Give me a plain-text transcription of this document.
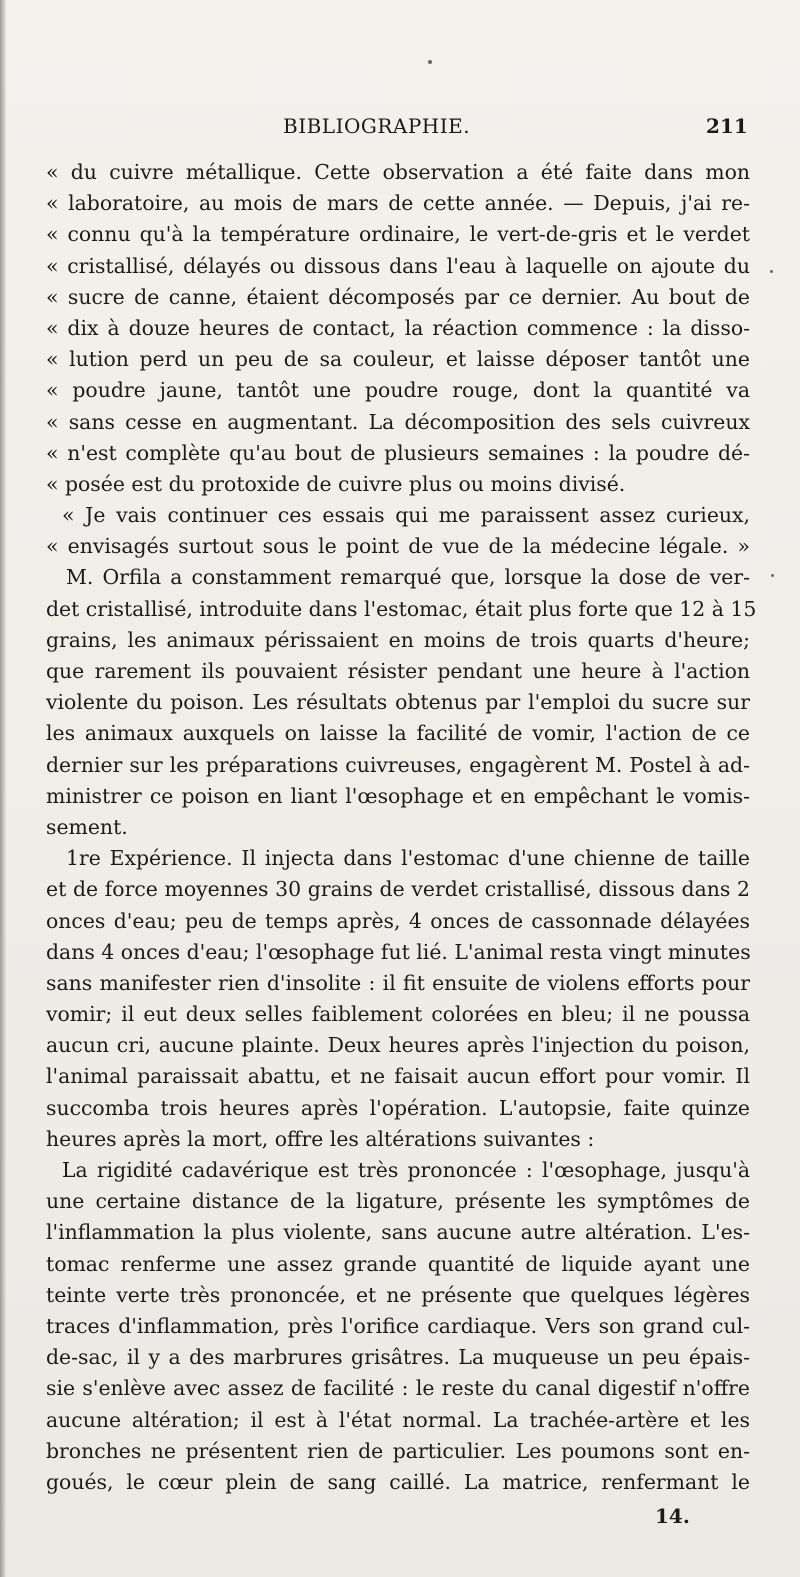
BIBLIOGRAPHIE.	211
« du cuivre métallique. Cette observation a été faite dans mon
« laboratoire, au mois de mars de cette année. — Depuis, j'ai re-
« connu qu'à la température ordinaire, le vert-de-gris et le verdet
« cristallisé, délayés ou dissous dans l'eau à laquelle on ajoute du
« sucre de canne, étaient décomposés par ce dernier. Au bout de
« dix à douze heures de contact, la réaction commence : la disso-
« lution perd un peu de sa couleur, et laisse déposer tantôt une
« poudre jaune, tantôt une poudre rouge, dont la quantité va
« sans cesse en augmentant. La décomposition des sels cuivreux
« n'est complète qu'au bout de plusieurs semaines : la poudre dé-
« posée est du protoxide de cuivre plus ou moins divisé.
« Je vais continuer ces essais qui me paraissent assez curieux,
« envisagés surtout sous le point de vue de la médecine légale. »
M. Orfila a constamment remarqué que, lorsque la dose de ver-
det cristallisé, introduite dans l'estomac, était plus forte que 12 à 15
grains, les animaux périssaient en moins de trois quarts d'heure;
que rarement ils pouvaient résister pendant une heure à l'action
violente du poison. Les résultats obtenus par l'emploi du sucre sur
les animaux auxquels on laisse la facilité de vomir, l'action de ce
dernier sur les préparations cuivreuses, engagèrent M. Postel à ad-
ministrer ce poison en liant l'œsophage et en empêchant le vomis-
sement.
1re Expérience. Il injecta dans l'estomac d'une chienne de taille
et de force moyennes 30 grains de verdet cristallisé, dissous dans 2
onces d'eau; peu de temps après, 4 onces de cassonnade délayées
dans 4 onces d'eau; l'œsophage fut lié. L'animal resta vingt minutes
sans manifester rien d'insolite : il fit ensuite de violens efforts pour
vomir; il eut deux selles faiblement colorées en bleu; il ne poussa
aucun cri, aucune plainte. Deux heures après l'injection du poison,
l'animal paraissait abattu, et ne faisait aucun effort pour vomir. Il
succomba trois heures après l'opération. L'autopsie, faite quinze
heures après la mort, offre les altérations suivantes :
La rigidité cadavérique est très prononcée : l'œsophage, jusqu'à
une certaine distance de la ligature, présente les symptômes de
l'inflammation la plus violente, sans aucune autre altération. L'es-
tomac renferme une assez grande quantité de liquide ayant une
teinte verte très prononcée, et ne présente que quelques légères
traces d'inflammation, près l'orifice cardiaque. Vers son grand cul-
de-sac, il y a des marbrures grisâtres. La muqueuse un peu épais-
sie s'enlève avec assez de facilité : le reste du canal digestif n'offre
aucune altération; il est à l'état normal. La trachée-artère et les
bronches ne présentent rien de particulier. Les poumons sont en-
goués, le cœur plein de sang caillé. La matrice, renfermant le
14.
